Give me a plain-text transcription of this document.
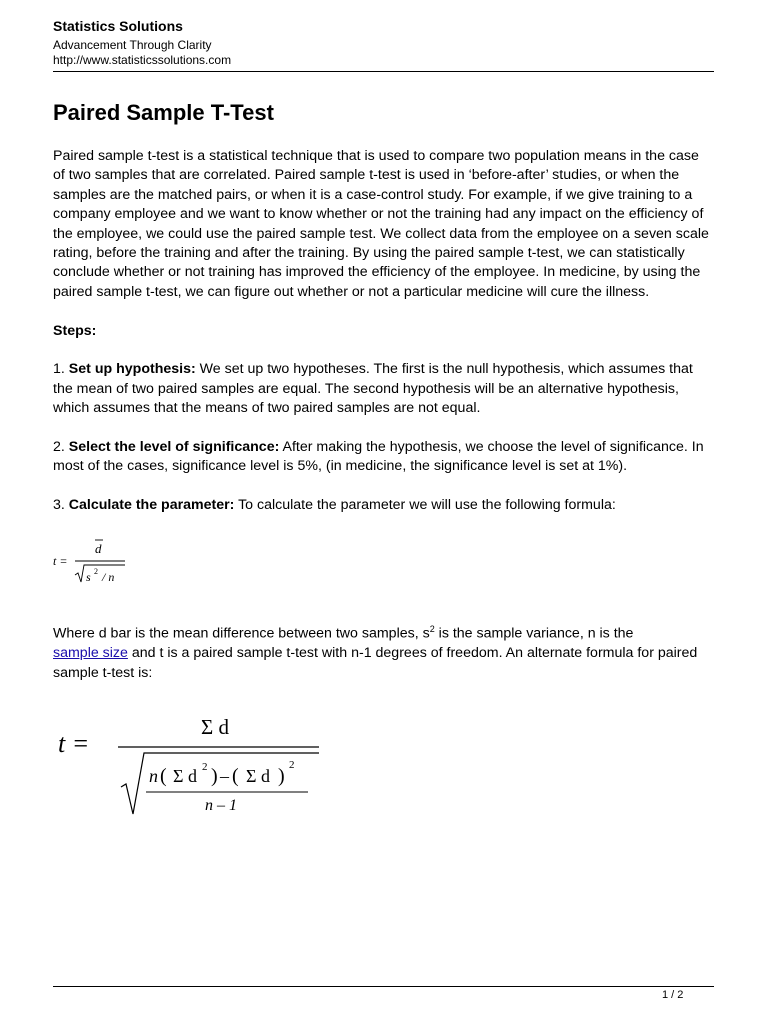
Statistics Solutions
Advancement Through Clarity
http://www.statisticssolutions.com
Paired Sample T-Test

Paired sample t-test is a statistical technique that is used to compare two population means in the case of two samples that are correlated. Paired sample t-test is used in ‘before-after’ studies, or when the samples are the matched pairs, or when it is a case-control study. For example, if we give training to a company employee and we want to know whether or not the training had any impact on the efficiency of the employee, we could use the paired sample test. We collect data from the employee on a seven scale rating, before the training and after the training. By using the paired sample t-test, we can statistically conclude whether or not training has improved the efficiency of the employee. In medicine, by using the paired sample t-test, we can figure out whether or not a particular medicine will cure the illness.

Steps:

1. Set up hypothesis: We set up two hypotheses. The first is the null hypothesis, which assumes that the mean of two paired samples are equal. The second hypothesis will be an alternative hypothesis, which assumes that the means of two paired samples are not equal.

2. Select the level of significance: After making the hypothesis, we choose the level of significance. In most of the cases, significance level is 5%, (in medicine, the significance level is set at 1%).

3. Calculate the parameter: To calculate the parameter we will use the following formula:

t =
d
s 2 / n

Where d bar is the mean difference between two samples, $s^2$ is the sample variance, n is the
sample size and t is a paired sample t-test with n-1 degrees of freedom. An alternate formula for paired sample t-test is:

t =
Σ d
n ( Σ d 2 ) – ( Σ d ) 2
n – 1
1 / 2
